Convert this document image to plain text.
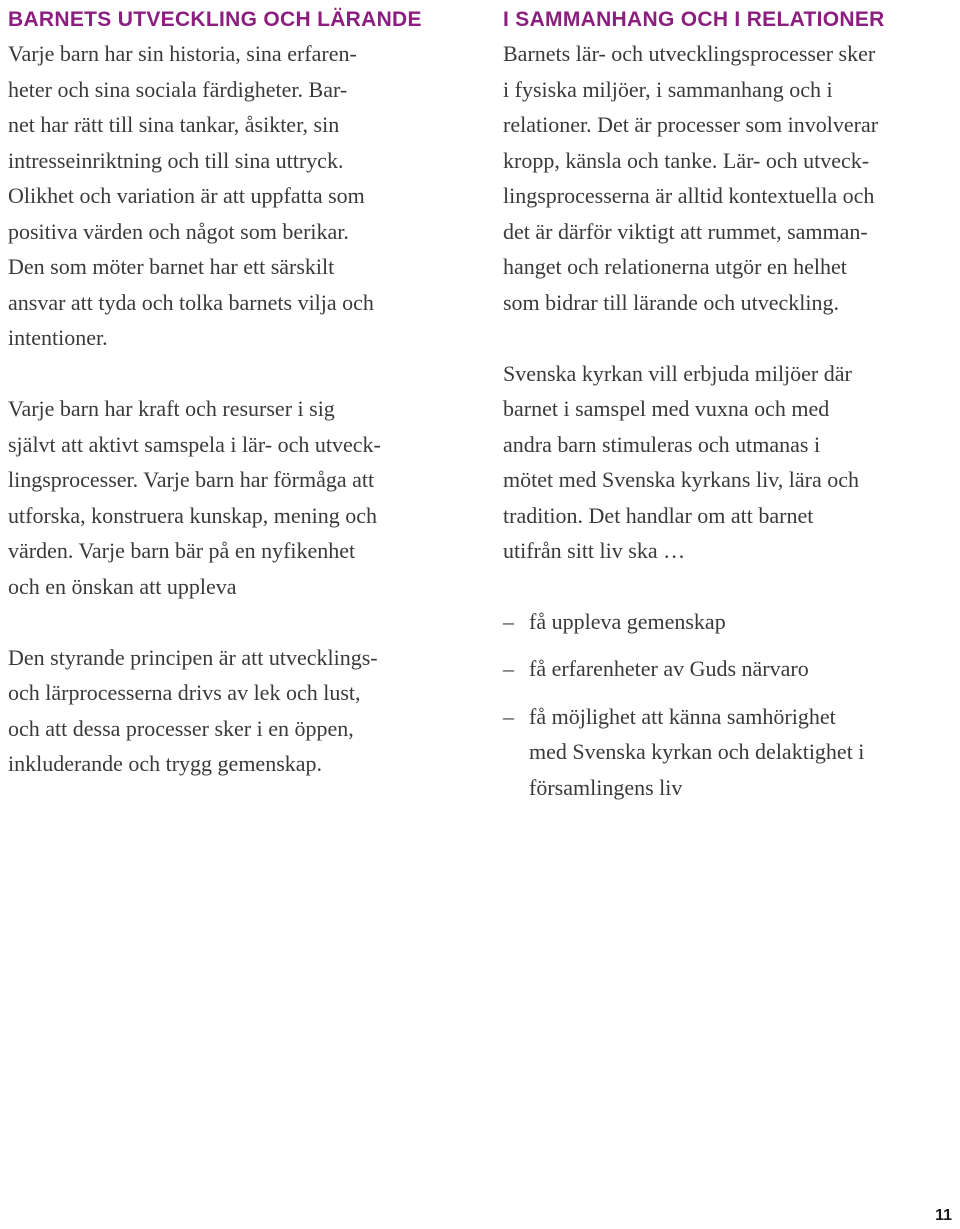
BARNETS UTVECKLING OCH LÄRANDE

Varje barn har sin historia, sina erfaren-
heter och sina sociala färdigheter. Bar-
net har rätt till sina tankar, åsikter, sin
intresseinriktning och till sina uttryck.
Olikhet och variation är att uppfatta som
positiva värden och något som berikar.
Den som möter barnet har ett särskilt
ansvar att tyda och tolka barnets vilja och
intentioner.

Varje barn har kraft och resurser i sig
självt att aktivt samspela i lär- och utveck-
lingsprocesser. Varje barn har förmåga att
utforska, konstruera kunskap, mening och
värden. Varje barn bär på en nyfikenhet
och en önskan att uppleva

Den styrande principen är att utvecklings-
och lärprocesserna drivs av lek och lust,
och att dessa processer sker i en öppen,
inkluderande och trygg gemenskap.

I SAMMANHANG OCH I RELATIONER

Barnets lär- och utvecklingsprocesser sker
i fysiska miljöer, i sammanhang och i
relationer. Det är processer som involverar
kropp, känsla och tanke. Lär- och utveck-
lingsprocesserna är alltid kontextuella och
det är därför viktigt att rummet, samman-
hanget och relationerna utgör en helhet
som bidrar till lärande och utveckling.

Svenska kyrkan vill erbjuda miljöer där
barnet i samspel med vuxna och med
andra barn stimuleras och utmanas i
mötet med Svenska kyrkans liv, lära och
tradition. Det handlar om att barnet
utifrån sitt liv ska …

– få uppleva gemenskap

– få erfarenheter av Guds närvaro

– få möjlighet att känna samhörighet
med Svenska kyrkan och delaktighet i
församlingens liv

11
